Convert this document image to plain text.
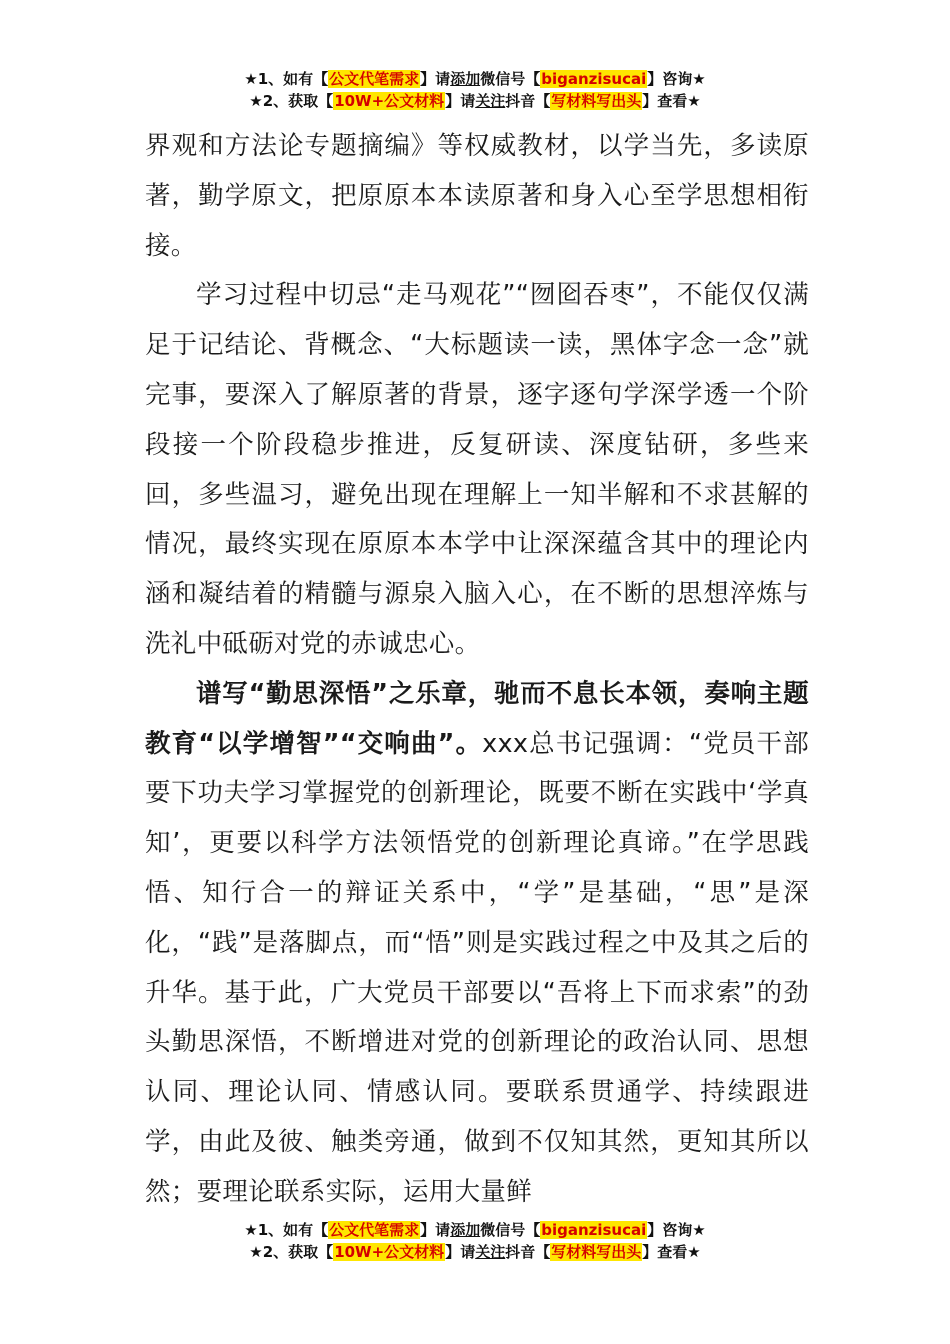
★1、如有【公文代笔需求】请添加微信号【biganzisucai】咨询★
★2、获取【10W+公文材料】请关注抖音【写材料写出头】查看★

界观和方法论专题摘编》等权威教材，以学当先，多读原著，勤学原文，把原原本本读原著和身入心至学思想相衔接。

学习过程中切忌“走马观花”“囫囵吞枣”，不能仅仅满足于记结论、背概念、“大标题读一读，黑体字念一念”就完事，要深入了解原著的背景，逐字逐句学深学透一个阶段接一个阶段稳步推进，反复研读、深度钻研，多些来回，多些温习，避免出现在理解上一知半解和不求甚解的情况，最终实现在原原本本学中让深深蕴含其中的理论内涵和凝结着的精髓与源泉入脑入心，在不断的思想淬炼与洗礼中砥砺对党的赤诚忠心。

谱写“勤思深悟”之乐章，驰而不息长本领，奏响主题教育“以学增智”“交响曲”。xxx总书记强调：“党员干部要下功夫学习掌握党的创新理论，既要不断在实践中‘学真知’，更要以科学方法领悟党的创新理论真谛。”在学思践悟、知行合一的辩证关系中，“学”是基础，“思”是深化，“践”是落脚点，而“悟”则是实践过程之中及其之后的升华。基于此，广大党员干部要以“吾将上下而求索”的劲头勤思深悟，不断增进对党的创新理论的政治认同、思想认同、理论认同、情感认同。要联系贯通学、持续跟进学，由此及彼、触类旁通，做到不仅知其然，更知其所以然；要理论联系实际，运用大量鲜

★1、如有【公文代笔需求】请添加微信号【biganzisucai】咨询★
★2、获取【10W+公文材料】请关注抖音【写材料写出头】查看★
